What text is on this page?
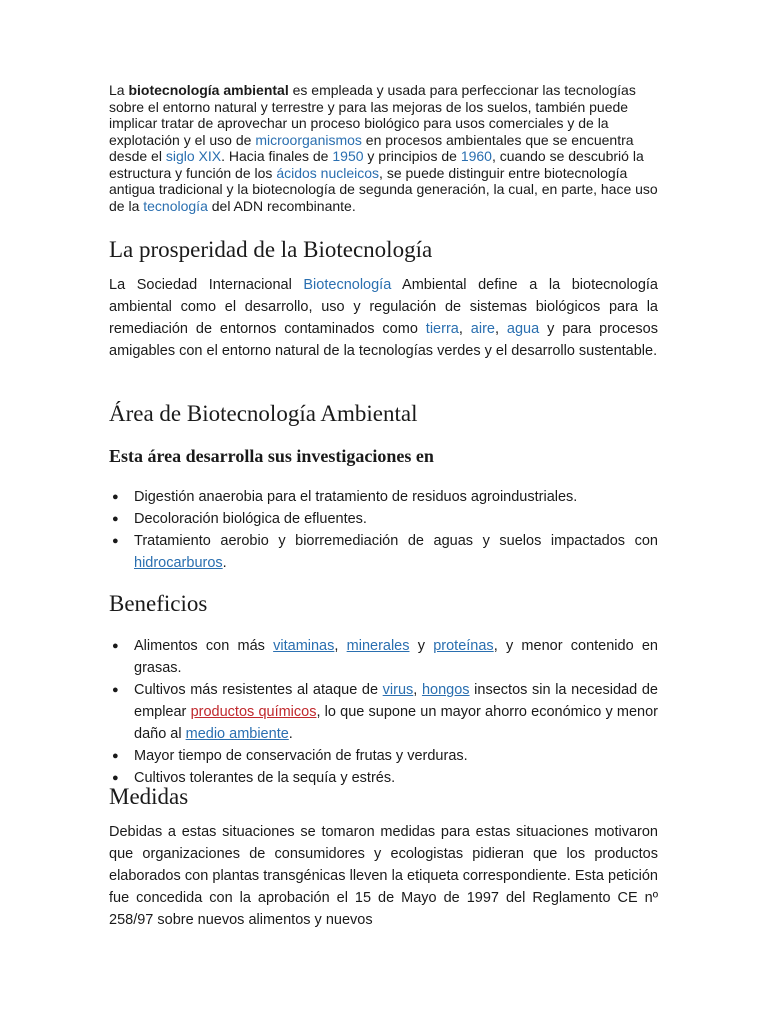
La biotecnología ambiental es empleada y usada para perfeccionar las tecnologías sobre el entorno natural y terrestre y para las mejoras de los suelos, también puede implicar tratar de aprovechar un proceso biológico para usos comerciales y de la explotación y el uso de microorganismos en procesos ambientales que se encuentra desde el siglo XIX. Hacia finales de 1950 y principios de 1960, cuando se descubrió la estructura y función de los ácidos nucleicos, se puede distinguir entre biotecnología antigua tradicional y la biotecnología de segunda generación, la cual, en parte, hace uso de la tecnología del ADN recombinante.

La prosperidad de la Biotecnología

La Sociedad Internacional Biotecnología Ambiental define a la biotecnología ambiental como el desarrollo, uso y regulación de sistemas biológicos para la remediación de entornos contaminados como tierra, aire, agua y para procesos amigables con el entorno natural de la tecnologías verdes y el desarrollo sustentable.

Área de Biotecnología Ambiental
Esta área desarrolla sus investigaciones en
● Digestión anaerobia para el tratamiento de residuos agroindustriales.
● Decoloración biológica de efluentes.
● Tratamiento aerobio y biorremediación de aguas y suelos impactados con hidrocarburos.
Beneficios
● Alimentos con más vitaminas, minerales y proteínas, y menor contenido en grasas.
● Cultivos más resistentes al ataque de virus, hongos insectos sin la necesidad de emplear productos químicos, lo que supone un mayor ahorro económico y menor daño al medio ambiente.
● Mayor tiempo de conservación de frutas y verduras.
● Cultivos tolerantes de la sequía y estrés.
Medidas

Debidas a estas situaciones se tomaron medidas para estas situaciones motivaron que organizaciones de consumidores y ecologistas pidieran que los productos elaborados con plantas transgénicas lleven la etiqueta correspondiente. Esta petición fue concedida con la aprobación el 15 de Mayo de 1997 del Reglamento CE nº 258/97 sobre nuevos alimentos y nuevos
